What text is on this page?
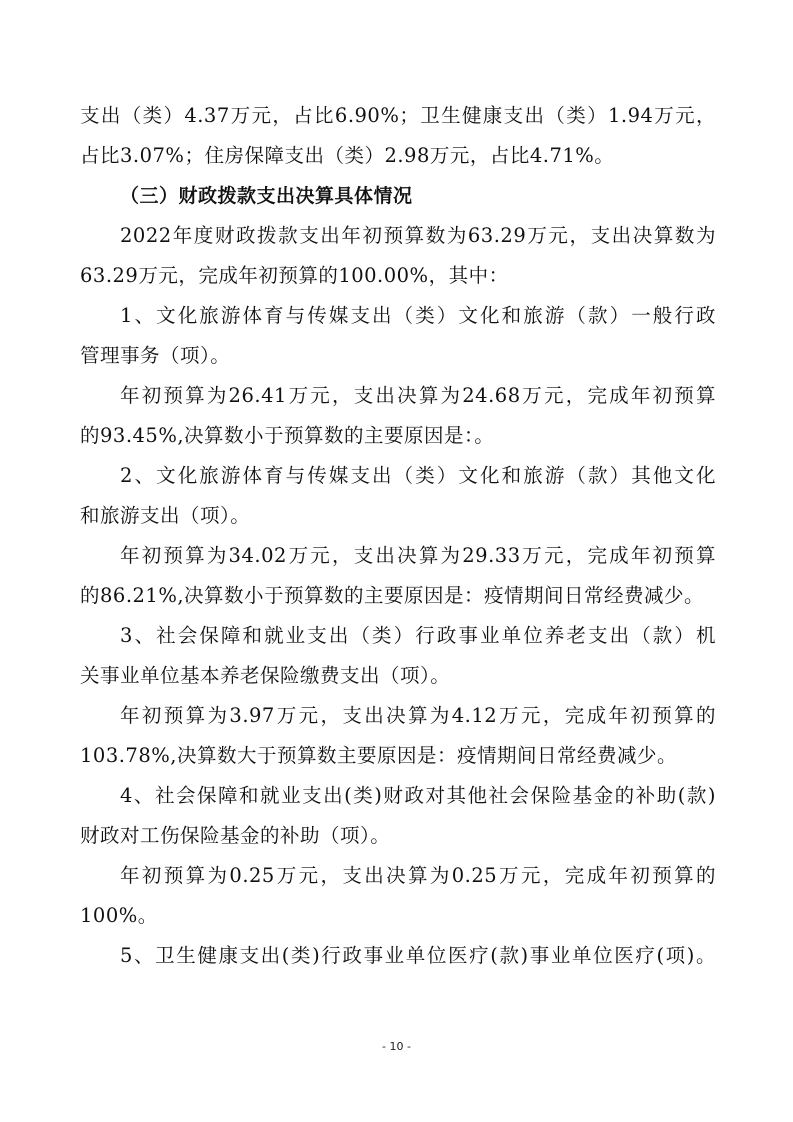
支出（类）4.37万元，占比6.90%；卫生健康支出（类）1.94万元，
占比3.07%；住房保障支出（类）2.98万元，占比4.71%。
（三）财政拨款支出决算具体情况
2022年度财政拨款支出年初预算数为63.29万元，支出决算数为
63.29万元，完成年初预算的100.00%，其中：
1、文化旅游体育与传媒支出（类）文化和旅游（款）一般行政
管理事务（项）。
年初预算为26.41万元，支出决算为24.68万元，完成年初预算
的93.45%,决算数小于预算数的主要原因是：。
2、文化旅游体育与传媒支出（类）文化和旅游（款）其他文化
和旅游支出（项）。
年初预算为34.02万元，支出决算为29.33万元，完成年初预算
的86.21%,决算数小于预算数的主要原因是：疫情期间日常经费减少。
3、社会保障和就业支出（类）行政事业单位养老支出（款）机
关事业单位基本养老保险缴费支出（项）。
年初预算为3.97万元，支出决算为4.12万元，完成年初预算的
103.78%,决算数大于预算数主要原因是：疫情期间日常经费减少。
4、社会保障和就业支出(类)财政对其他社会保险基金的补助(款)
财政对工伤保险基金的补助（项）。
年初预算为0.25万元，支出决算为0.25万元，完成年初预算的
100%。
5、卫生健康支出(类)行政事业单位医疗(款)事业单位医疗(项)。
- 10 -
